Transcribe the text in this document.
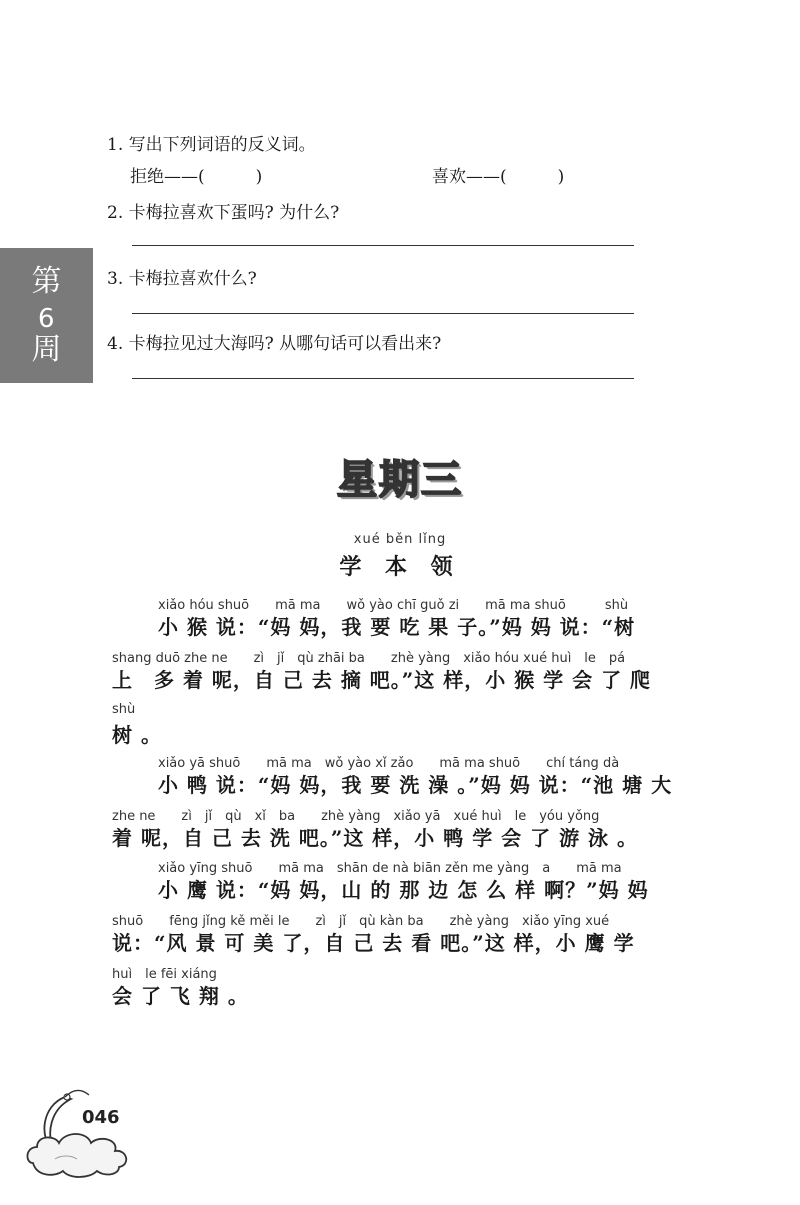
第
9
周
1. 写出下列词语的反义词。
拒绝——(　　　)	喜欢——(　　　)
2. 卡梅拉喜欢下蛋吗? 为什么?
3. 卡梅拉喜欢什么?
4. 卡梅拉见过大海吗? 从哪句话可以看出来?
星期三
xué běn lǐng
学 本 领
xiǎo hóu shuō　　mā ma　　wǒ yào chī guǒ zi　　mā ma shuō　　　shù
小 猴 说：“妈 妈，我 要 吃 果 子。”妈 妈 说：“树
shang duō zhe ne　　zì　jǐ　qù zhāi ba　　zhè yàng　xiǎo hóu xué huì　le　pá
上　多 着 呢，自 己 去 摘 吧。”这 样，小 猴 学 会 了 爬
shù
树 。
xiǎo yā shuō　　mā ma　wǒ yào xǐ zǎo　　mā ma shuō　　chí táng dà
小 鸭 说：“妈 妈，我 要 洗 澡 。”妈 妈 说：“池 塘 大
zhe ne　　zì　jǐ　qù　xǐ　ba　　zhè yàng　xiǎo yā　xué huì　le　yóu yǒng
着 呢，自 己 去 洗 吧。”这 样，小 鸭 学 会 了 游 泳 。
xiǎo yīng shuō　　mā ma　shān de nà biān zěn me yàng　a　　mā ma
小 鹰 说：“妈 妈，山 的 那 边 怎 么 样 啊？”妈 妈
shuō　　fēng jǐng kě měi le　　zì　jǐ　qù kàn ba　　zhè yàng　xiǎo yīng xué
说：“风 景 可 美 了，自 己 去 看 吧。”这 样，小 鹰 学
huì　le fēi xiáng
会 了 飞 翔 。
046
